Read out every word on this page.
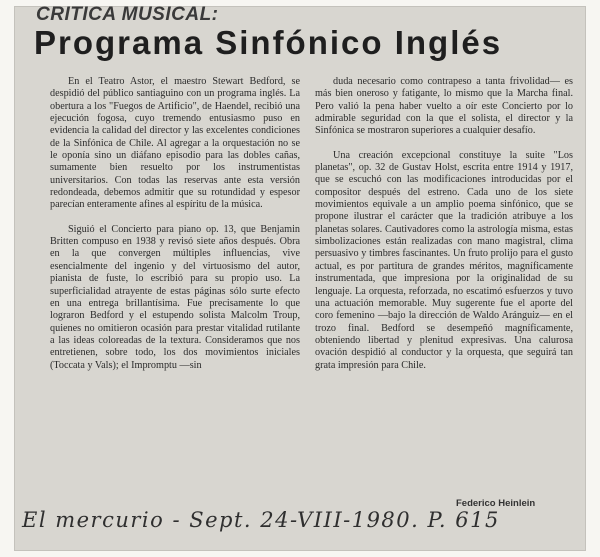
CRITICA MUSICAL:
Programa Sinfónico Inglés

En el Teatro Astor, el maestro Stewart Bedford, se despidió del público santiaguino con un programa inglés. La obertura a los "Fuegos de Artificio", de Haendel, recibió una ejecución fogosa, cuyo tremendo entusiasmo puso en evidencia la calidad del director y las excelentes condiciones de la Sinfónica de Chile. Al agregar a la orquestación no se le oponía sino un diáfano episodio para las dobles cañas, sumamente bien resuelto por los instrumentistas universitarios. Con todas las reservas ante esta versión redondeada, debemos admitir que su rotundidad y espesor parecían enteramente afines al espíritu de la música.

Siguió el Concierto para piano op. 13, que Benjamin Britten compuso en 1938 y revisó siete años después. Obra en la que convergen múltiples influencias, vive esencialmente del ingenio y del virtuosismo del autor, pianista de fuste, lo escribió para su propio uso. La superficialidad atrayente de estas páginas sólo surte efecto en una entrega brillantísima. Fue precisamente lo que lograron Bedford y el estupendo solista Malcolm Troup, quienes no omitieron ocasión para prestar vitalidad rutilante a las ideas coloreadas de la textura. Consideramos que nos entretienen, sobre todo, los dos movimientos iniciales (Toccata y Vals); el Impromptu —sin

duda necesario como contrapeso a tanta frivolidad— es más bien oneroso y fatigante, lo mismo que la Marcha final. Pero valió la pena haber vuelto a oír este Concierto por lo admirable seguridad con la que el solista, el director y la Sinfónica se mostraron superiores a cualquier desafío.

Una creación excepcional constituye la suite "Los planetas", op. 32 de Gustav Holst, escrita entre 1914 y 1917, que se escuchó con las modificaciones introducidas por el compositor después del estreno. Cada uno de los siete movimientos equivale a un amplio poema sinfónico, que se propone ilustrar el carácter que la tradición atribuye a los planetas solares. Cautivadores como la astrología misma, estas simbolizaciones están realizadas con mano magistral, clima persuasivo y timbres fascinantes. Un fruto prolijo para el gusto actual, es por partitura de grandes méritos, magníficamente instrumentada, que impresiona por la originalidad de su lenguaje. La orquesta, reforzada, no escatimó esfuerzos y tuvo una actuación memorable. Muy sugerente fue el aporte del coro femenino —bajo la dirección de Waldo Aránguiz— en el trozo final. Bedford se desempeñó magníficamente, obteniendo libertad y plenitud expresivas. Una calurosa ovación despidió al conductor y la orquesta, que seguirá tan grata impresión para Chile.

Federico Heinlein
El mercurio - Sept. 24-VIII-1980. P. 615
